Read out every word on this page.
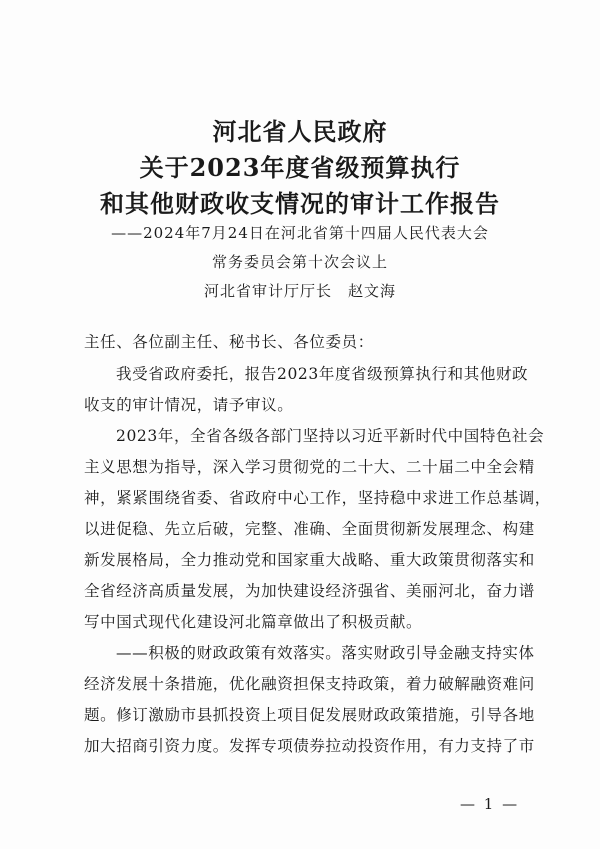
河北省人民政府
关于2023年度省级预算执行
和其他财政收支情况的审计工作报告
——2024年7月24日在河北省第十四届人民代表大会
常务委员会第十次会议上
河北省审计厅厅长　赵文海
主任、各位副主任、秘书长、各位委员：
我受省政府委托，报告2023年度省级预算执行和其他财政
收支的审计情况，请予审议。
2023年，全省各级各部门坚持以习近平新时代中国特色社会
主义思想为指导，深入学习贯彻党的二十大、二十届二中全会精
神，紧紧围绕省委、省政府中心工作，坚持稳中求进工作总基调，
以进促稳、先立后破，完整、准确、全面贯彻新发展理念、构建
新发展格局，全力推动党和国家重大战略、重大政策贯彻落实和
全省经济高质量发展，为加快建设经济强省、美丽河北，奋力谱
写中国式现代化建设河北篇章做出了积极贡献。
——积极的财政政策有效落实。落实财政引导金融支持实体
经济发展十条措施，优化融资担保支持政策，着力破解融资难问
题。修订激励市县抓投资上项目促发展财政政策措施，引导各地
加大招商引资力度。发挥专项债券拉动投资作用，有力支持了市
— 1 —
